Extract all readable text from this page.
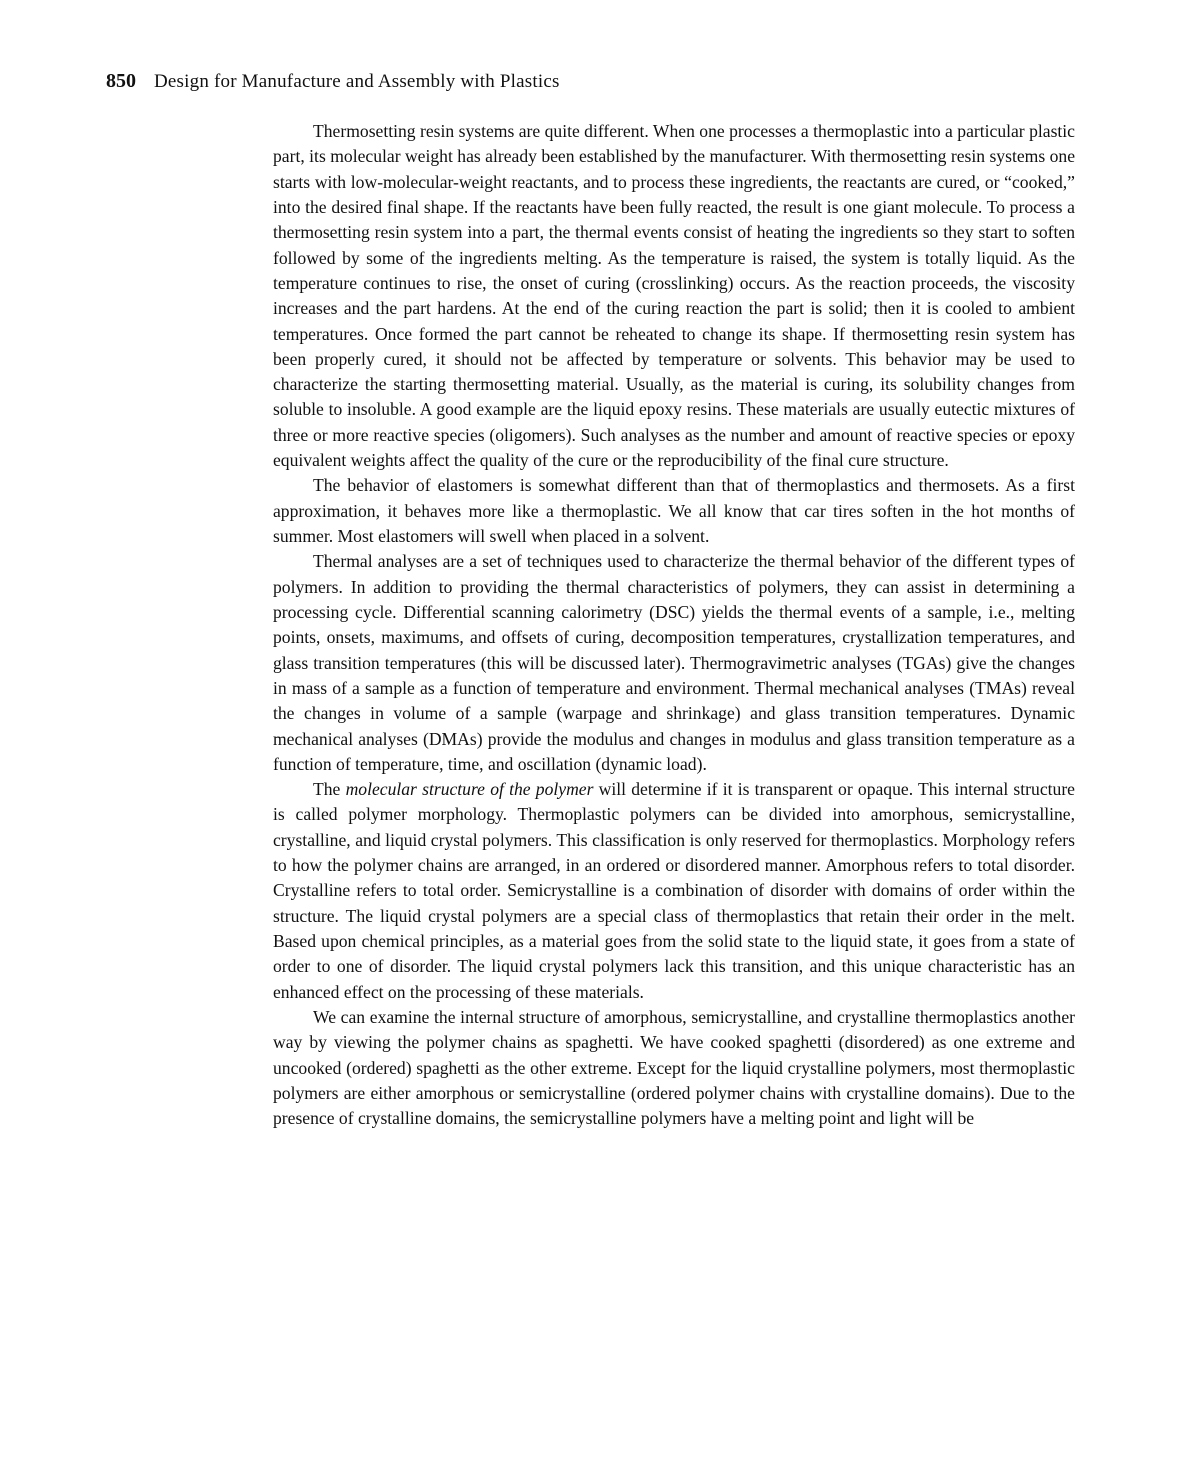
850 Design for Manufacture and Assembly with Plastics

Thermosetting resin systems are quite different. When one processes a thermoplastic into a particular plastic part, its molecular weight has already been established by the manufacturer. With thermosetting resin systems one starts with low-molecular-weight reactants, and to process these ingredients, the reactants are cured, or “cooked,” into the desired final shape. If the reactants have been fully reacted, the result is one giant molecule. To process a thermosetting resin system into a part, the thermal events consist of heating the ingredients so they start to soften followed by some of the ingredients melting. As the temperature is raised, the system is totally liquid. As the temperature continues to rise, the onset of curing (crosslinking) occurs. As the reaction proceeds, the viscosity increases and the part hardens. At the end of the curing reaction the part is solid; then it is cooled to ambient temperatures. Once formed the part cannot be reheated to change its shape. If thermosetting resin system has been properly cured, it should not be affected by temperature or solvents. This behavior may be used to characterize the starting thermosetting material. Usually, as the material is curing, its solubility changes from soluble to insoluble. A good example are the liquid epoxy resins. These materials are usually eutectic mixtures of three or more reactive species (oligomers). Such analyses as the number and amount of reactive species or epoxy equivalent weights affect the quality of the cure or the reproducibility of the final cure structure.

The behavior of elastomers is somewhat different than that of thermoplastics and thermosets. As a first approximation, it behaves more like a thermoplastic. We all know that car tires soften in the hot months of summer. Most elastomers will swell when placed in a solvent.

Thermal analyses are a set of techniques used to characterize the thermal behavior of the different types of polymers. In addition to providing the thermal characteristics of polymers, they can assist in determining a processing cycle. Differential scanning calorimetry (DSC) yields the thermal events of a sample, i.e., melting points, onsets, maximums, and offsets of curing, decomposition temperatures, crystallization temperatures, and glass transition temperatures (this will be discussed later). Thermogravimetric analyses (TGAs) give the changes in mass of a sample as a function of temperature and environment. Thermal mechanical analyses (TMAs) reveal the changes in volume of a sample (warpage and shrinkage) and glass transition temperatures. Dynamic mechanical analyses (DMAs) provide the modulus and changes in modulus and glass transition temperature as a function of temperature, time, and oscillation (dynamic load).

The molecular structure of the polymer will determine if it is transparent or opaque. This internal structure is called polymer morphology. Thermoplastic polymers can be divided into amorphous, semicrystalline, crystalline, and liquid crystal polymers. This classification is only reserved for thermoplastics. Morphology refers to how the polymer chains are arranged, in an ordered or disordered manner. Amorphous refers to total disorder. Crystalline refers to total order. Semicrystalline is a combination of disorder with domains of order within the structure. The liquid crystal polymers are a special class of thermoplastics that retain their order in the melt. Based upon chemical principles, as a material goes from the solid state to the liquid state, it goes from a state of order to one of disorder. The liquid crystal polymers lack this transition, and this unique characteristic has an enhanced effect on the processing of these materials.

We can examine the internal structure of amorphous, semicrystalline, and crystalline thermoplastics another way by viewing the polymer chains as spaghetti. We have cooked spaghetti (disordered) as one extreme and uncooked (ordered) spaghetti as the other extreme. Except for the liquid crystalline polymers, most thermoplastic polymers are either amorphous or semicrystalline (ordered polymer chains with crystalline domains). Due to the presence of crystalline domains, the semicrystalline polymers have a melting point and light will be
